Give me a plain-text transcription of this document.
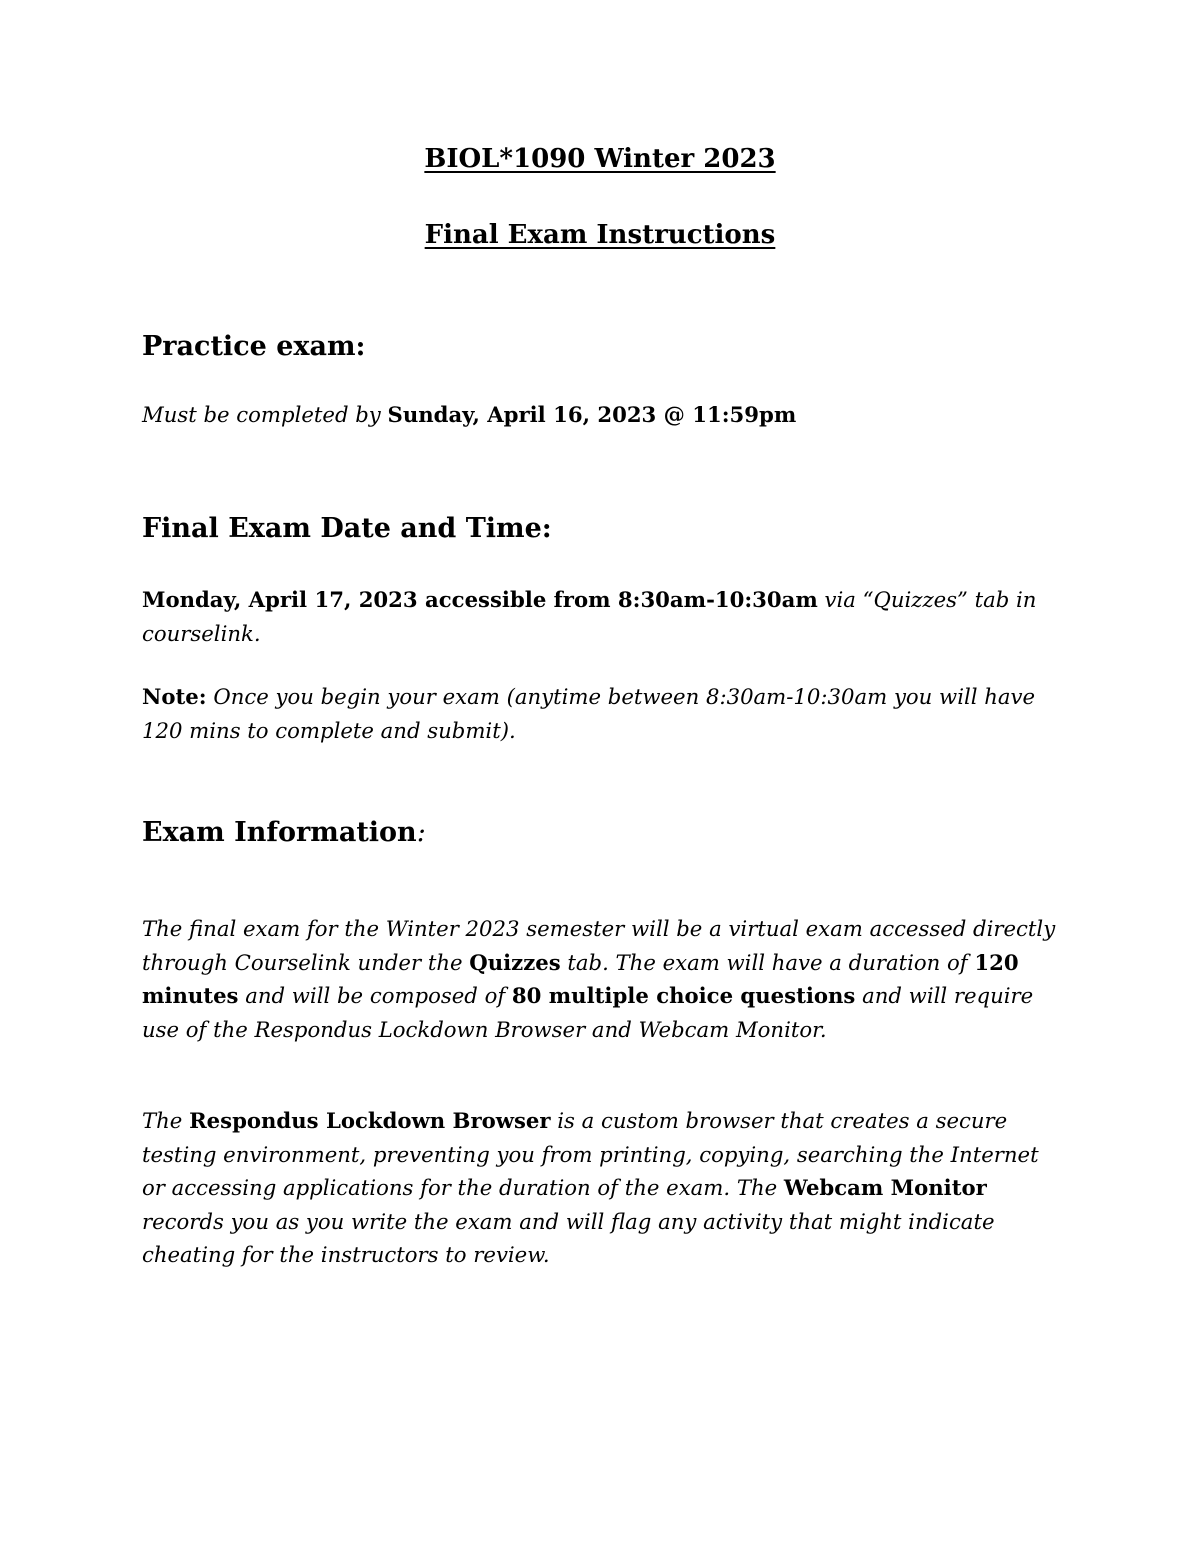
BIOL*1090 Winter 2023
Final Exam Instructions
Practice exam:

Must be completed by Sunday, April 16, 2023 @ 11:59pm

Final Exam Date and Time:

Monday, April 17, 2023 accessible from 8:30am-10:30am via “Quizzes” tab in courselink.

Note: Once you begin your exam (anytime between 8:30am-10:30am you will have 120 mins to complete and submit).

Exam Information:

The final exam for the Winter 2023 semester will be a virtual exam accessed directly through Courselink under the Quizzes tab. The exam will have a duration of 120 minutes and will be composed of 80 multiple choice questions and will require use of the Respondus Lockdown Browser and Webcam Monitor.

The Respondus Lockdown Browser is a custom browser that creates a secure testing environment, preventing you from printing, copying, searching the Internet or accessing applications for the duration of the exam. The Webcam Monitor records you as you write the exam and will flag any activity that might indicate cheating for the instructors to review.
